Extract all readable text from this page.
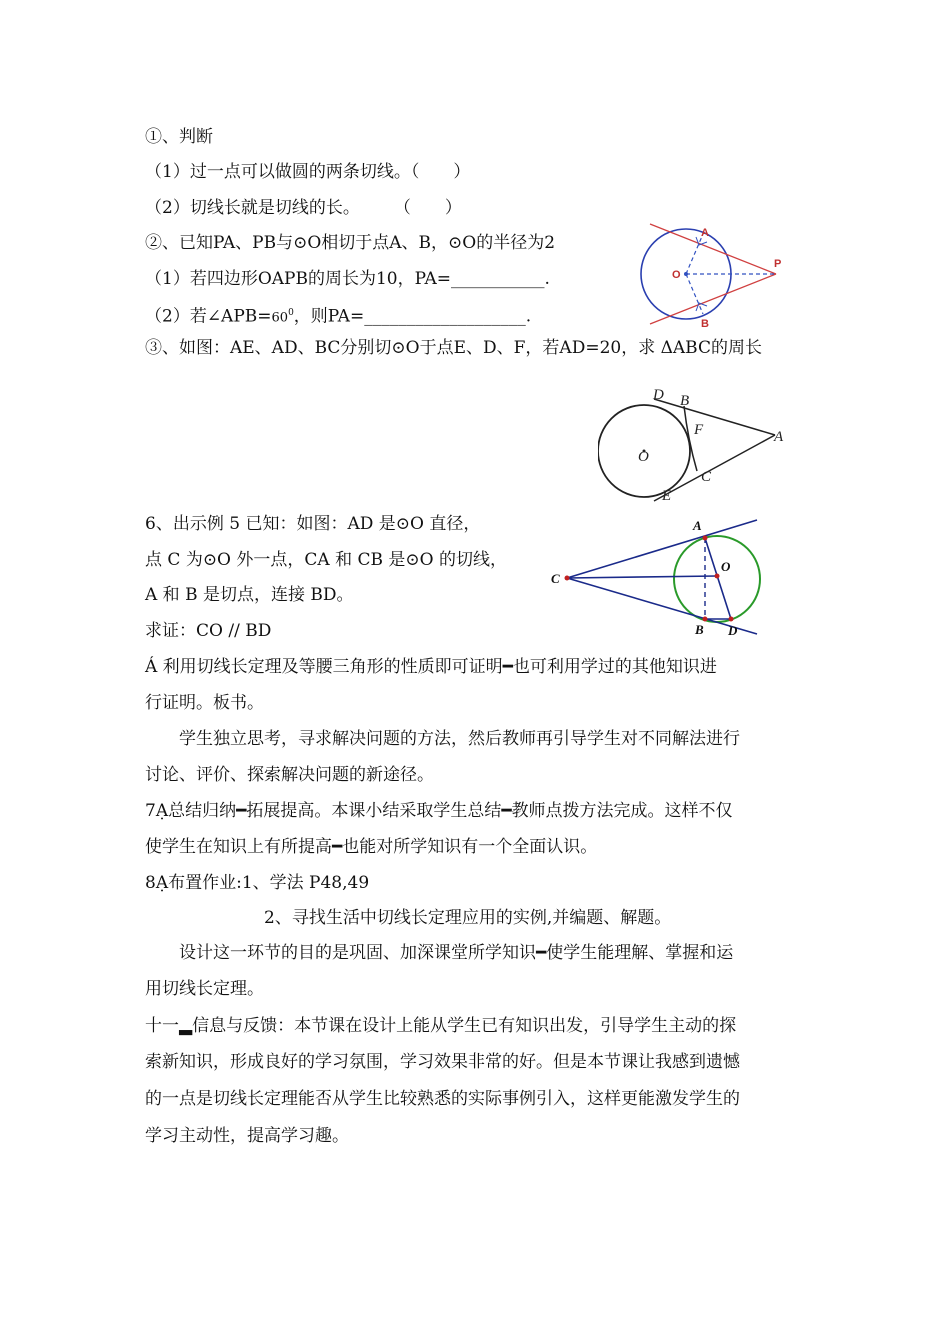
①、判断
（1）过一点可以做圆的两条切线。（　　）
（2）切线长就是切线的长。　　　（　　）
②、已知PA、PB与⊙O相切于点A、B，⊙O的半径为2
（1）若四边形OAPB的周长为10，PA=___________.
（2）若$\angle APB=60^0$，则PA=___________________.
A
O
P
B
③、如图：AE、AD、BC分别切⊙O于点E、D、F，若AD=20，求 ΔABC的周长
D B
F	A
O
C
E
6、出示例 5 已知：如图：AD 是⊙O 直径，
点 C 为⊙O 外一点，CA 和 CB 是⊙O 的切线，
A 和 B 是切点，连接 BD。
求证：CO // BD
A
O
C
B D
Á 利用切线长定理及等腰三角形的性质即可证明━也可利用学过的其他知识进
行证明。板书。
　　学生独立思考，寻求解决问题的方法，然后教师再引导学生对不同解法进行
讨论、评价、探索解决问题的新途径。
7Ạ总结归纳━拓展提高。本课小结采取学生总结━教师点拨方法完成。这样不仅
使学生在知识上有所提高━也能对所学知识有一个全面认识。
8Ạ布置作业:1、学法 P48,49
　　　　　　　2、寻找生活中切线长定理应用的实例,并编题、解题。
　　设计这一环节的目的是巩固、加深课堂所学知识━使学生能理解、掌握和运
用切线长定理。
十一▂信息与反馈：本节课在设计上能从学生已有知识出发，引导学生主动的探
索新知识，形成良好的学习氛围，学习效果非常的好。但是本节课让我感到遗憾
的一点是切线长定理能否从学生比较熟悉的实际事例引入，这样更能激发学生的
学习主动性，提高学习趣。
